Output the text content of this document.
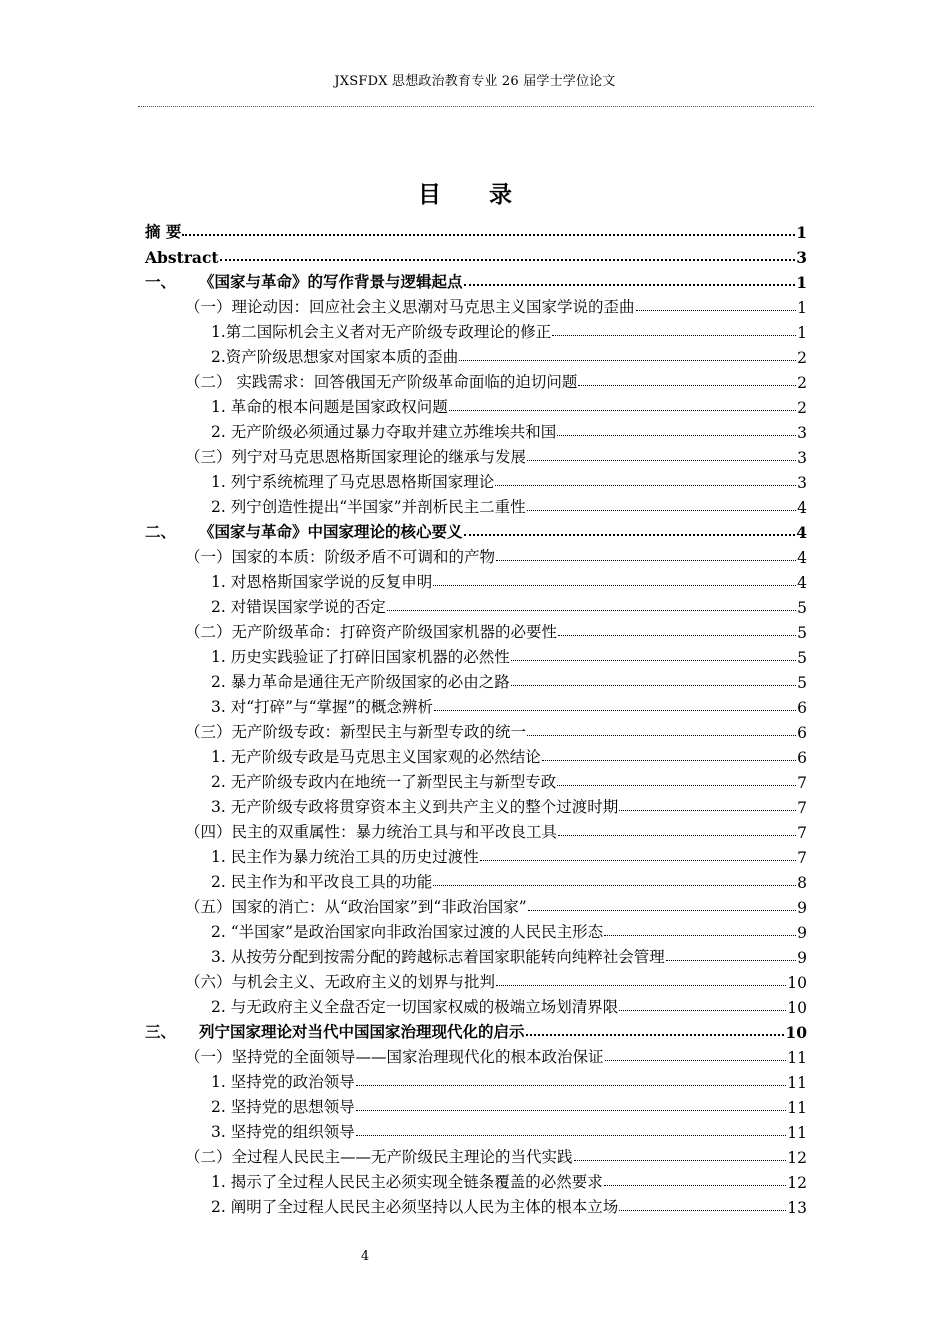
JXSFDX 思想政治教育专业 26 届学士学位论文
目 录
摘 要	1
Abstract	3
一、 《国家与革命》的写作背景与逻辑起点	1
（一）理论动因：回应社会主义思潮对马克思主义国家学说的歪曲	1
1.第二国际机会主义者对无产阶级专政理论的修正	1
2.资产阶级思想家对国家本质的歪曲	2
（二） 实践需求：回答俄国无产阶级革命面临的迫切问题	2
1. 革命的根本问题是国家政权问题	2
2. 无产阶级必须通过暴力夺取并建立苏维埃共和国	3
（三）列宁对马克思恩格斯国家理论的继承与发展	3
1. 列宁系统梳理了马克思恩格斯国家理论	3
2. 列宁创造性提出“半国家”并剖析民主二重性	4
二、 《国家与革命》中国家理论的核心要义	4
（一）国家的本质：阶级矛盾不可调和的产物	4
1. 对恩格斯国家学说的反复申明	4
2. 对错误国家学说的否定	5
（二）无产阶级革命：打碎资产阶级国家机器的必要性	5
1. 历史实践验证了打碎旧国家机器的必然性	5
2. 暴力革命是通往无产阶级国家的必由之路	5
3. 对“打碎”与“掌握”的概念辨析	6
（三）无产阶级专政：新型民主与新型专政的统一	6
1. 无产阶级专政是马克思主义国家观的必然结论	6
2. 无产阶级专政内在地统一了新型民主与新型专政	7
3. 无产阶级专政将贯穿资本主义到共产主义的整个过渡时期	7
（四）民主的双重属性：暴力统治工具与和平改良工具	7
1. 民主作为暴力统治工具的历史过渡性	7
2. 民主作为和平改良工具的功能	8
（五）国家的消亡：从“政治国家”到“非政治国家”	9
2. “半国家”是政治国家向非政治国家过渡的人民民主形态	9
3. 从按劳分配到按需分配的跨越标志着国家职能转向纯粹社会管理	9
（六）与机会主义、无政府主义的划界与批判	10
2. 与无政府主义全盘否定一切国家权威的极端立场划清界限	10
三、 列宁国家理论对当代中国国家治理现代化的启示	10
（一）坚持党的全面领导——国家治理现代化的根本政治保证	11
1. 坚持党的政治领导	11
2. 坚持党的思想领导	11
3. 坚持党的组织领导	11
（二）全过程人民民主——无产阶级民主理论的当代实践	12
1. 揭示了全过程人民民主必须实现全链条覆盖的必然要求	12
2. 阐明了全过程人民民主必须坚持以人民为主体的根本立场	13
4
